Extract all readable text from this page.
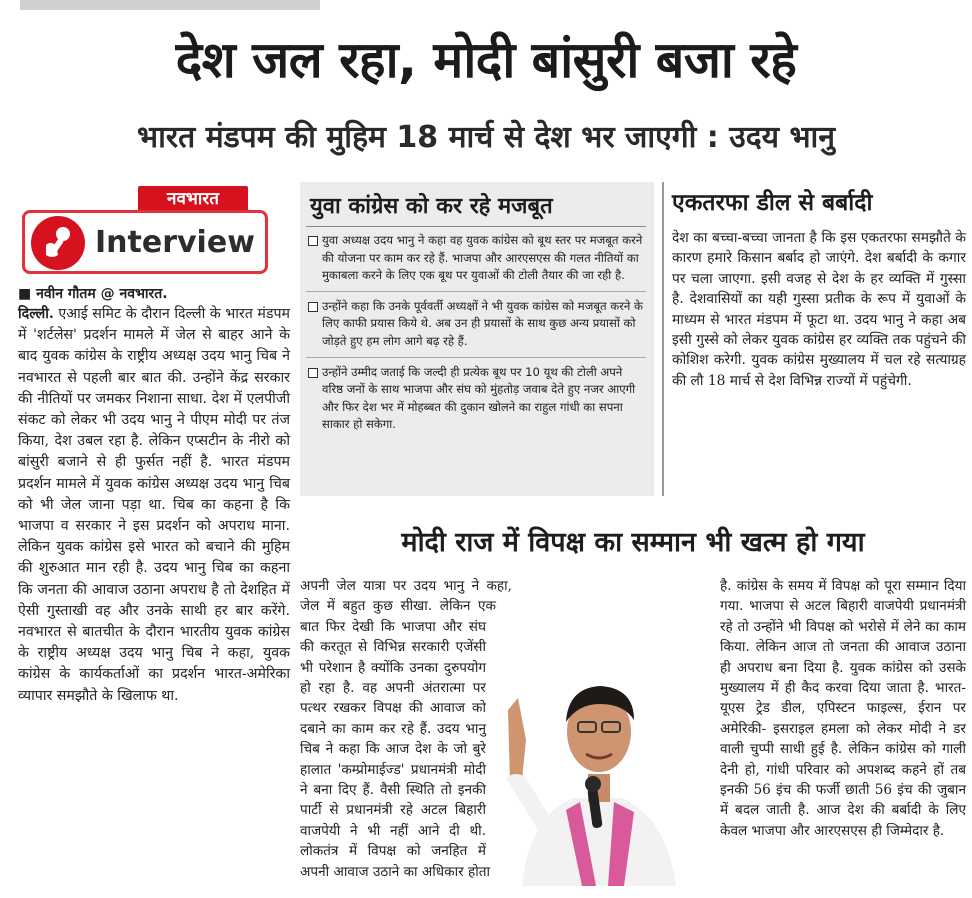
देश जल रहा, मोदी बांसुरी बजा रहे
भारत मंडपम की मुहिम 18 मार्च से देश भर जाएगी : उदय भानु
नवभारत
Interview
■ नवीन गौतम @ नवभारत.
दिल्ली. एआई समिट के दौरान दिल्ली के भारत मंडपम में 'शर्टलेस' प्रदर्शन मामले में जेल से बाहर आने के बाद युवक कांग्रेस के राष्ट्रीय अध्यक्ष उदय भानु चिब ने नवभारत से पहली बार बात की. उन्होंने केंद्र सरकार की नीतियों पर जमकर निशाना साधा. देश में एलपीजी संकट को लेकर भी उदय भानु ने पीएम मोदी पर तंज किया, देश उबल रहा है. लेकिन एप्सटीन के नीरो को बांसुरी बजाने से ही फुर्सत नहीं है. भारत मंडपम प्रदर्शन मामले में युवक कांग्रेस अध्यक्ष उदय भानु चिब को भी जेल जाना पड़ा था. चिब का कहना है कि भाजपा व सरकार ने इस प्रदर्शन को अपराध माना. लेकिन युवक कांग्रेस इसे भारत को बचाने की मुहिम की शुरुआत मान रही है. उदय भानु चिब का कहना कि जनता की आवाज उठाना अपराध है तो देशहित में ऐसी गुस्ताखी वह और उनके साथी हर बार करेंगे. नवभारत से बातचीत के दौरान भारतीय युवक कांग्रेस के राष्ट्रीय अध्यक्ष उदय भानु चिब ने कहा, युवक कांग्रेस के कार्यकर्ताओं का प्रदर्शन भारत-अमेरिका व्यापार समझौते के खिलाफ था.
युवा कांग्रेस को कर रहे मजबूत
युवा अध्यक्ष उदय भानु ने कहा वह युवक कांग्रेस को बूथ स्तर पर मजबूत करने की योजना पर काम कर रहे हैं. भाजपा और आरएसएस की गलत नीतियों का मुकाबला करने के लिए एक बूथ पर युवाओं की टोली तैयार की जा रही है.
उन्होंने कहा कि उनके पूर्ववर्ती अध्यक्षों ने भी युवक कांग्रेस को मजबूत करने के लिए काफी प्रयास किये थे. अब उन ही प्रयासों के साथ कुछ अन्य प्रयासों को जोड़ते हुए हम लोग आगे बढ़ रहे हैं.
उन्होंने उम्मीद जताई कि जल्दी ही प्रत्येक बूथ पर 10 यूथ की टोली अपने वरिष्ठ जनों के साथ भाजपा और संघ को मुंहतोड़ जवाब देते हुए नजर आएगी और फिर देश भर में मोहब्बत की दुकान खोलने का राहुल गांधी का सपना साकार हो सकेगा.
एकतरफा डील से बर्बादी
देश का बच्चा-बच्चा जानता है कि इस एकतरफा समझौते के कारण हमारे किसान बर्बाद हो जाएंगे. देश बर्बादी के कगार पर चला जाएगा. इसी वजह से देश के हर व्यक्ति में गुस्सा है. देशवासियों का यही गुस्सा प्रतीक के रूप में युवाओं के माध्यम से भारत मंडपम में फूटा था. उदय भानु ने कहा अब इसी गुस्से को लेकर युवक कांग्रेस हर व्यक्ति तक पहुंचने की कोशिश करेगी. युवक कांग्रेस मुख्यालय में चल रहे सत्याग्रह की लौ 18 मार्च से देश विभिन्न राज्यों में पहुंचेगी.
मोदी राज में विपक्ष का सम्मान भी खत्म हो गया
अपनी जेल यात्रा पर उदय भानु ने कहा, जेल में बहुत कुछ सीखा. लेकिन एक बात फिर देखी कि भाजपा और संघ की करतूत से विभिन्न सरकारी एजेंसी भी परेशान है क्योंकि उनका दुरुपयोग हो रहा है. वह अपनी अंतरात्मा पर पत्थर रखकर विपक्ष की आवाज को दबाने का काम कर रहे हैं. उदय भानु चिब ने कहा कि आज देश के जो बुरे हालात 'कम्प्रोमाईज्ड' प्रधानमंत्री मोदी ने बना दिए हैं. वैसी स्थिति तो इनकी पार्टी से प्रधानमंत्री रहे अटल बिहारी वाजपेयी ने भी नहीं आने दी थी. लोकतंत्र में विपक्ष को जनहित में अपनी आवाज उठाने का अधिकार होता
है. कांग्रेस के समय में विपक्ष को पूरा सम्मान दिया गया. भाजपा से अटल बिहारी वाजपेयी प्रधानमंत्री रहे तो उन्होंने भी विपक्ष को भरोसे में लेने का काम किया. लेकिन आज तो जनता की आवाज उठाना ही अपराध बना दिया है. युवक कांग्रेस को उसके मुख्यालय में ही कैद करवा दिया जाता है. भारत-यूएस ट्रेड डील, एपिस्टन फाइल्स, ईरान पर अमेरिकी- इसराइल हमला को लेकर मोदी ने डर वाली चुप्पी साधी हुई है. लेकिन कांग्रेस को गाली देनी हो, गांधी परिवार को अपशब्द कहने हों तब इनकी 56 इंच की फर्जी छाती 56 इंच की जुबान में बदल जाती है. आज देश की बर्बादी के लिए केवल भाजपा और आरएसएस ही जिम्मेदार है.
